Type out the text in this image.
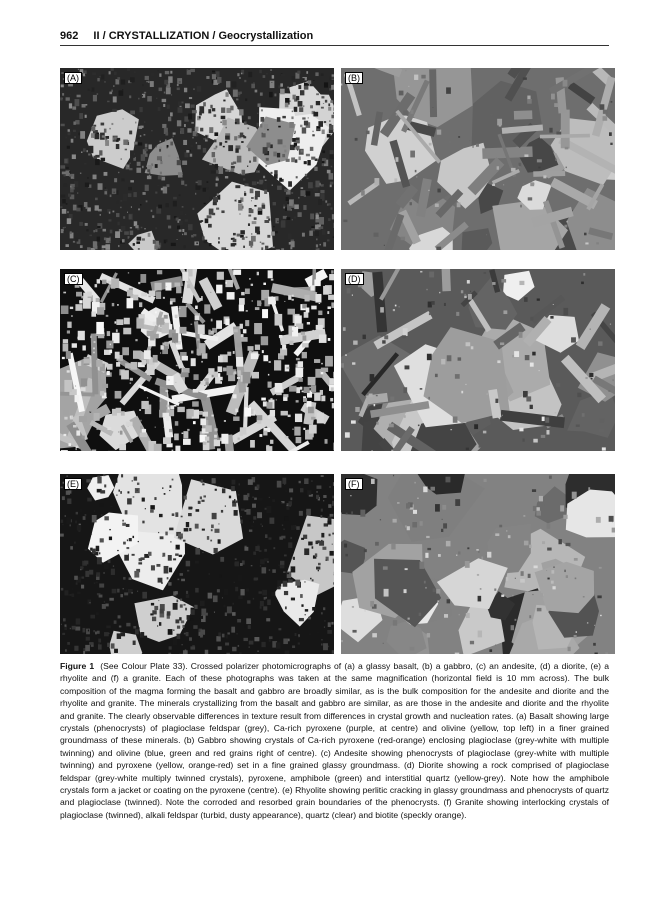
962 II / CRYSTALLIZATION / Geocrystallization
(A)	(B)
(C)	(D)
(E)	(F)
Figure 1 (See Colour Plate 33). Crossed polarizer photomicrographs of (a) a glassy basalt, (b) a gabbro, (c) an andesite, (d) a diorite, (e) a rhyolite and (f) a granite. Each of these photographs was taken at the same magnification (horizontal field is 10 mm across). The bulk composition of the magma forming the basalt and gabbro are broadly similar, as is the bulk composition for the andesite and diorite and the rhyolite and granite. The minerals crystallizing from the basalt and gabbro are similar, as are those in the andesite and diorite and the rhyolite and granite. The clearly observable differences in texture result from differences in crystal growth and nucleation rates. (a) Basalt showing large crystals (phenocrysts) of plagioclase feldspar (grey), Ca-rich pyroxene (purple, at centre) and olivine (yellow, top left) in a finer grained groundmass of these minerals. (b) Gabbro showing crystals of Ca-rich pyroxene (red-orange) enclosing plagioclase (grey-white with multiple twinning) and olivine (blue, green and red grains right of centre). (c) Andesite showing phenocrysts of plagioclase (grey-white with multiple twinning) and pyroxene (yellow, orange-red) set in a fine grained glassy groundmass. (d) Diorite showing a rock comprised of plagioclase feldspar (grey-white multiply twinned crystals), pyroxene, amphibole (green) and interstitial quartz (yellow-grey). Note how the amphibole crystals form a jacket or coating on the pyroxene (centre). (e) Rhyolite showing perlitic cracking in glassy groundmass and phenocrysts of quartz and plagioclase (twinned). Note the corroded and resorbed grain boundaries of the phenocrysts. (f) Granite showing interlocking crystals of plagioclase (twinned), alkali feldspar (turbid, dusty appearance), quartz (clear) and biotite (speckly orange).
